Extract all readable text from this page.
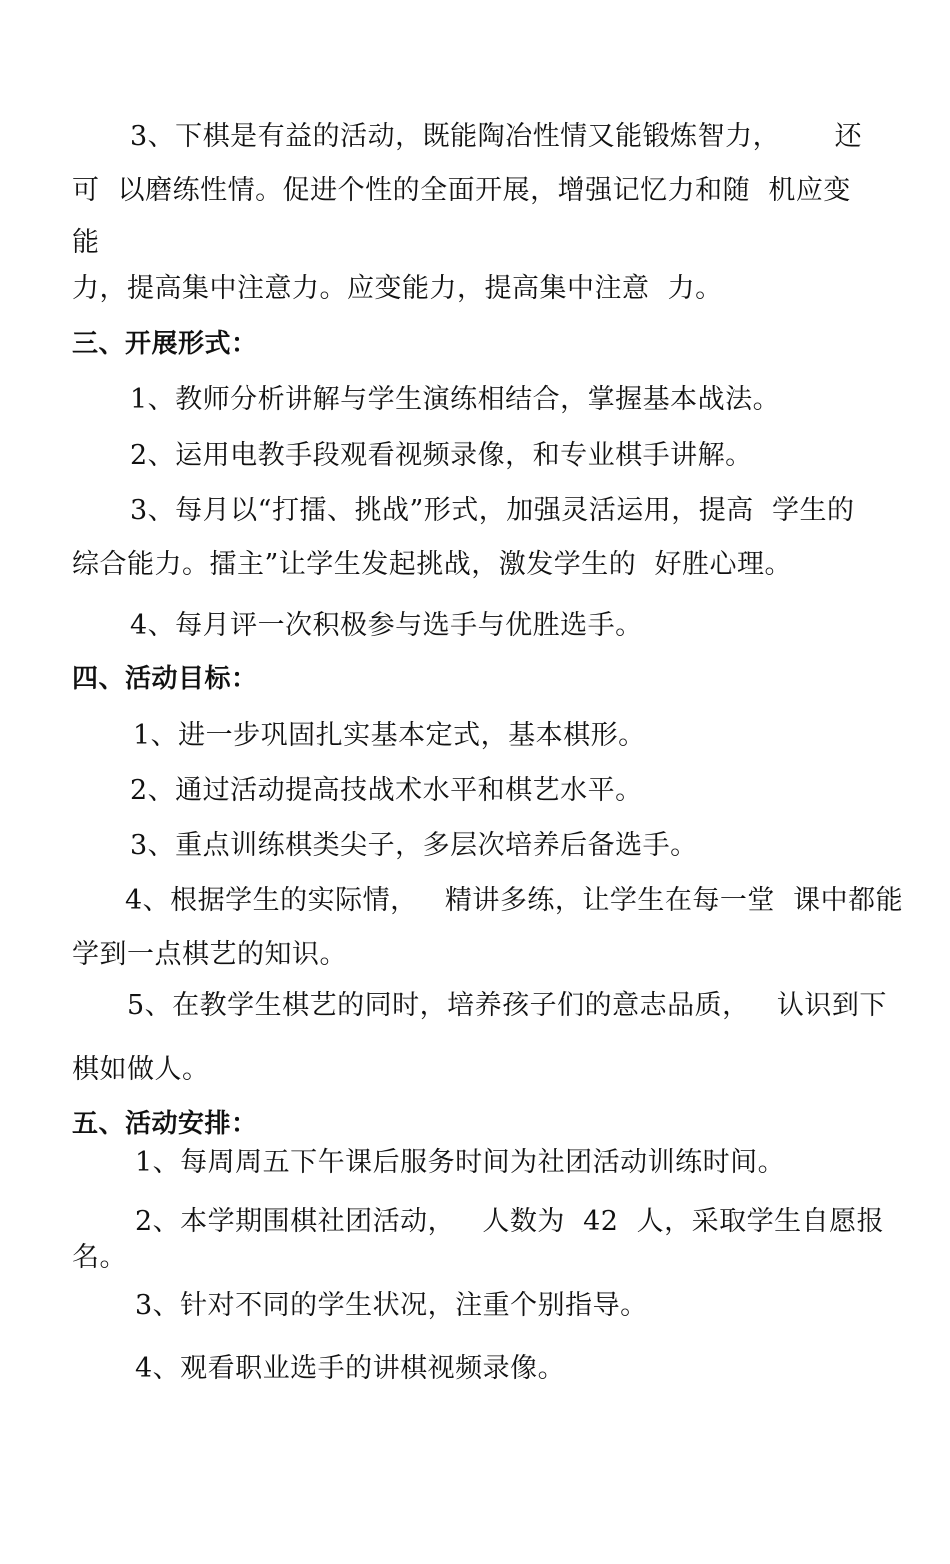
3、下棋是有益的活动，既能陶冶性情又能锻炼智力，      还
可  以磨练性情。促进个性的全面开展，增强记忆力和随  机应变
能
力，提高集中注意力。应变能力，提高集中注意  力。
三、开展形式：
1、教师分析讲解与学生演练相结合，掌握基本战法。
2、运用电教手段观看视频录像，和专业棋手讲解。
3、每月以“打擂、挑战”形式，加强灵活运用，提高  学生的
综合能力。擂主”让学生发起挑战，激发学生的  好胜心理。
4、每月评一次积极参与选手与优胜选手。
四、活动目标：
1、进一步巩固扎实基本定式，基本棋形。
2、通过活动提高技战术水平和棋艺水平。
3、重点训练棋类尖子，多层次培养后备选手。
4、根据学生的实际情，   精讲多练，让学生在每一堂  课中都能
学到一点棋艺的知识。
5、在教学生棋艺的同时，培养孩子们的意志品质，   认识到下
棋如做人。
五、活动安排：
1、每周周五下午课后服务时间为社团活动训练时间。
2、本学期围棋社团活动，   人数为  42  人，采取学生自愿报
名。
3、针对不同的学生状况，注重个别指导。
4、观看职业选手的讲棋视频录像。
